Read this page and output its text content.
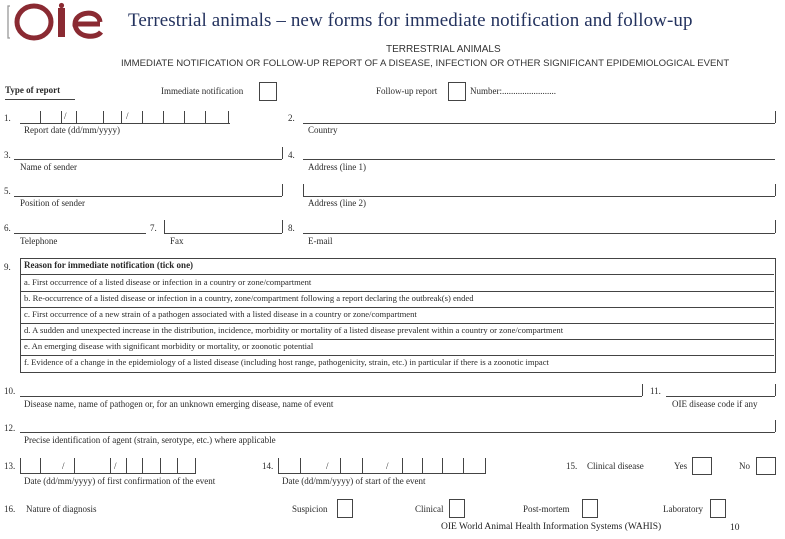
Terrestrial animals – new forms for immediate notification and follow-up
TERRESTRIAL ANIMALS
IMMEDIATE NOTIFICATION OR FOLLOW-UP REPORT OF A DISEASE, INFECTION OR OTHER SIGNIFICANT EPIDEMIOLOGICAL EVENT
Type of report	Immediate notification	Follow-up report	Number:........................
1.	/	/
Report date (dd/mm/yyyy)
2.
Country
3.
Name of sender
4.
Address (line 1)
5.
Position of sender	Address (line 2)
6.
Telephone
7.
Fax
8.
E-mail
9. Reason for immediate notification (tick one)
a. First occurrence of a listed disease or infection in a country or zone/compartment
b. Re-occurrence of a listed disease or infection in a country, zone/compartment following a report declaring the outbreak(s) ended
c. First occurrence of a new strain of a pathogen associated with a listed disease in a country or zone/compartment
d. A sudden and unexpected increase in the distribution, incidence, morbidity or mortality of a listed disease prevalent within a country or zone/compartment
e. An emerging disease with significant morbidity or mortality, or zoonotic potential
f. Evidence of a change in the epidemiology of a listed disease (including host range, pathogenicity, strain, etc.) in particular if there is a zoonotic impact
10.
Disease name, name of pathogen or, for an unknown emerging disease, name of event
11.
OIE disease code if any
12.
Precise identification of agent (strain, serotype, etc.) where applicable
13.	/	/
Date (dd/mm/yyyy) of first confirmation of the event
14.	/	/
Date (dd/mm/yyyy) of start of the event
15. Clinical disease	Yes	No
16. Nature of diagnosis	Suspicion	Clinical	Post-mortem	Laboratory
OIE World Animal Health Information Systems (WAHIS)	10
